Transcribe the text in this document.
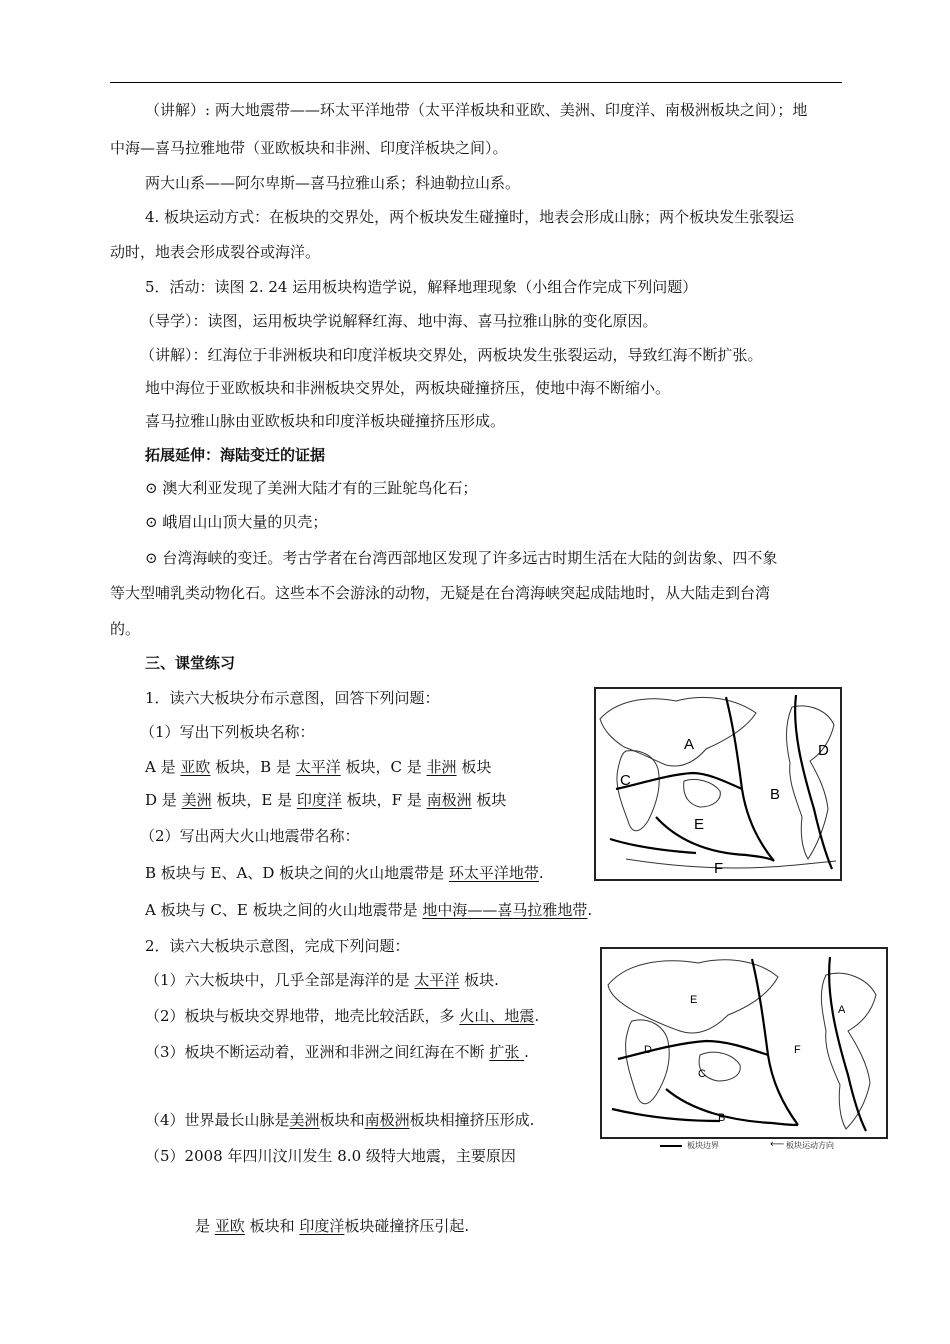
（讲解）: 两大地震带——环太平洋地带（太平洋板块和亚欧、美洲、印度洋、南极洲板块之间）；地
中海—喜马拉雅地带（亚欧板块和非洲、印度洋板块之间）。
两大山系——阿尔卑斯—喜马拉雅山系；科迪勒拉山系。
4. 板块运动方式：在板块的交界处，两个板块发生碰撞时，地表会形成山脉；两个板块发生张裂运
动时，地表会形成裂谷或海洋。
5．活动：读图 2. 24 运用板块构造学说，解释地理现象（小组合作完成下列问题）
（导学）：读图，运用板块学说解释红海、地中海、喜马拉雅山脉的变化原因。
（讲解）：红海位于非洲板块和印度洋板块交界处，两板块发生张裂运动，导致红海不断扩张。
地中海位于亚欧板块和非洲板块交界处，两板块碰撞挤压，使地中海不断缩小。
喜马拉雅山脉由亚欧板块和印度洋板块碰撞挤压形成。
拓展延伸：海陆变迁的证据
⊙ 澳大利亚发现了美洲大陆才有的三趾鸵鸟化石；
⊙ 峨眉山山顶大量的贝壳；
⊙ 台湾海峡的变迁。考古学者在台湾西部地区发现了许多远古时期生活在大陆的剑齿象、四不象
等大型哺乳类动物化石。这些本不会游泳的动物，无疑是在台湾海峡突起成陆地时，从大陆走到台湾
的。
三、课堂练习
1．读六大板块分布示意图，回答下列问题：
（1）写出下列板块名称：
A 是 亚欧 板块，B 是 太平洋 板块，C 是 非洲 板块
D 是 美洲 板块，E 是 印度洋 板块，F 是 南极洲 板块
（2）写出两大火山地震带名称：
B 板块与 E、A、D 板块之间的火山地震带是 环太平洋地带.
A 板块与 C、E 板块之间的火山地震带是 地中海——喜马拉雅地带.
A
B
C
D
E
F
2．读六大板块示意图，完成下列问题：
（1）六大板块中，几乎全部是海洋的是 太平洋 板块.
（2）板块与板块交界地带，地壳比较活跃，多 火山、地震.
（3）板块不断运动着，亚洲和非洲之间红海在不断 扩张 .
（4）世界最长山脉是美洲板块和南极洲板块相撞挤压形成.
（5）2008 年四川汶川发生 8.0 级特大地震，主要原因
是 亚欧 板块和 印度洋板块碰撞挤压引起.
A
B
C
D
E
F
板块边界	⟵ 板块运动方向
